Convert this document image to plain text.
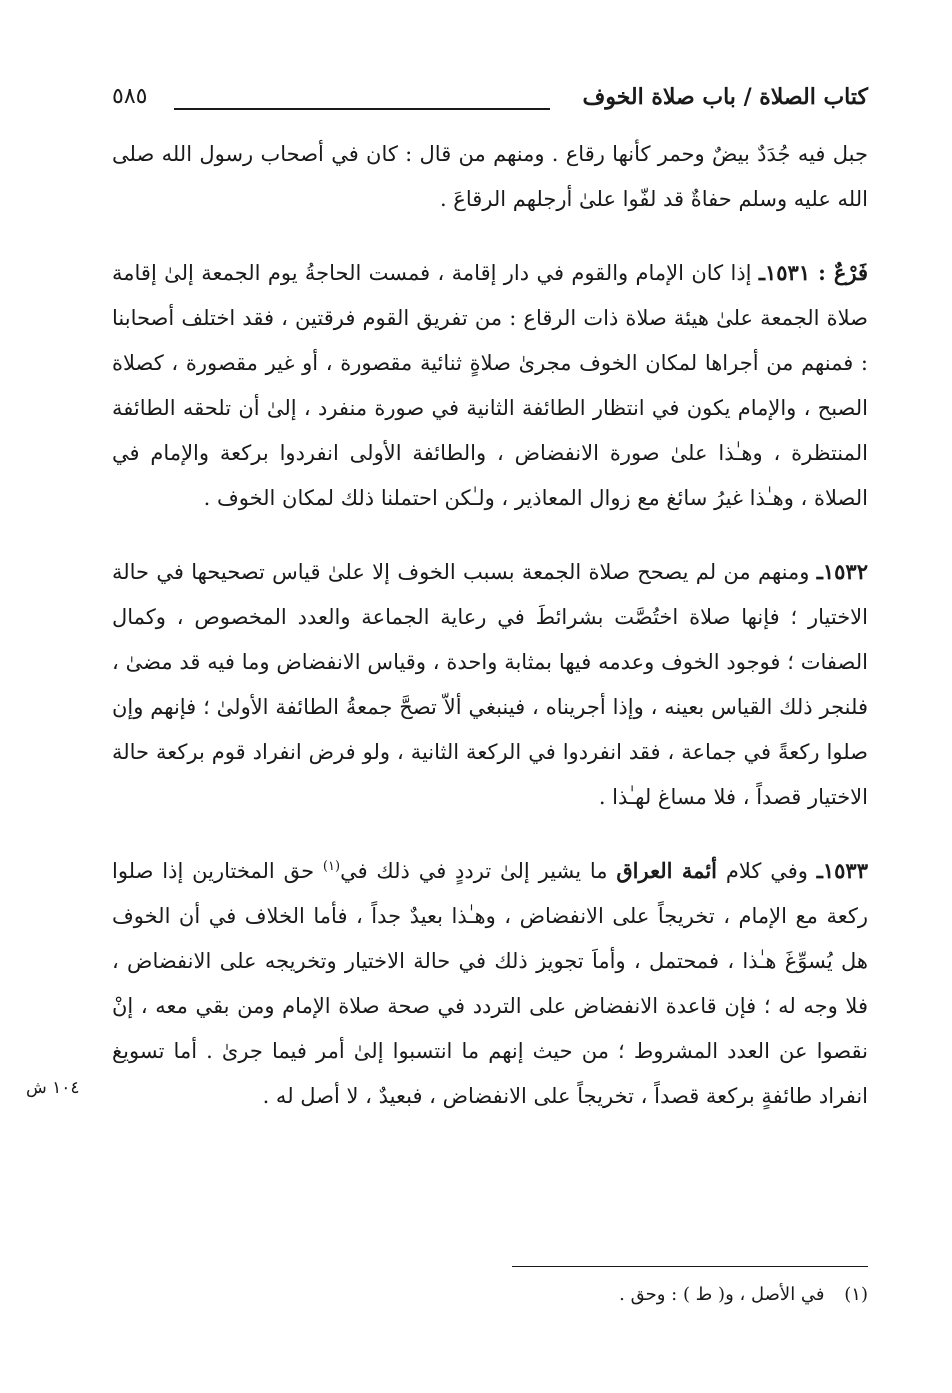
كتاب الصلاة / باب صلاة الخوف
٥٨٥

جبل فيه جُدَدٌ بيضٌ وحمر كأنها رقاع . ومنهم من قال : كان في أصحاب رسول الله صلى الله عليه وسلم حفاةٌ قد لفّوا علىٰ أرجلهم الرقاعَ .

فَرْعٌ : ١٥٣١ـ إذا كان الإمام والقوم في دار إقامة ، فمست الحاجةُ يوم الجمعة إلىٰ إقامة صلاة الجمعة علىٰ هيئة صلاة ذات الرقاع : من تفريق القوم فرقتين ، فقد اختلف أصحابنا : فمنهم من أجراها لمكان الخوف مجرىٰ صلاةٍ ثنائية مقصورة ، أو غير مقصورة ، كصلاة الصبح ، والإمام يكون في انتظار الطائفة الثانية في صورة منفرد ، إلىٰ أن تلحقه الطائفة المنتظرة ، وهـٰذا علىٰ صورة الانفضاض ، والطائفة الأولى انفردوا بركعة والإمام في الصلاة ، وهـٰذا غيرُ سائغ مع زوال المعاذير ، ولـٰكن احتملنا ذلك لمكان الخوف .

١٥٣٢ـ ومنهم من لم يصحح صلاة الجمعة بسبب الخوف إلا علىٰ قياس تصحيحها في حالة الاختيار ؛ فإنها صلاة اختُصَّت بشرائطَ في رعاية الجماعة والعدد المخصوص ، وكمال الصفات ؛ فوجود الخوف وعدمه فيها بمثابة واحدة ، وقياس الانفضاض وما فيه قد مضىٰ ، فلنجر ذلك القياس بعينه ، وإذا أجريناه ، فينبغي ألاّ تصحَّ جمعةُ الطائفة الأولىٰ ؛ فإنهم وإن صلوا ركعةً في جماعة ، فقد انفردوا في الركعة الثانية ، ولو فرض انفراد قوم بركعة حالة الاختيار قصداً ، فلا مساغ لهـٰذا .

١٥٣٣ـ وفي كلام أئمة العراق ما يشير إلىٰ ترددٍ في ذلك في$^{(١)}$ حق المختارين إذا صلوا ركعة مع الإمام ، تخريجاً على الانفضاض ، وهـٰذا بعيدٌ جداً ، فأما الخلاف في أن الخوف هل يُسوِّغَ هـٰذا ، فمحتمل ، وأماَ تجويز ذلك في حالة الاختيار وتخريجه على الانفضاض ، فلا وجه له ؛ فإن قاعدة الانفضاض على التردد في صحة صلاة الإمام ومن بقي معه ، إنْ نقصوا عن العدد المشروط ؛ من حيث إنهم ما انتسبوا إلىٰ أمر فيما جرىٰ . أما تسويغ انفراد طائفةٍ بركعة قصداً ، تخريجاً على الانفضاض ، فبعيدٌ ، لا أصل له .

١٠٤ ش
(١) في الأصل ، و( ط ) : وحق .
